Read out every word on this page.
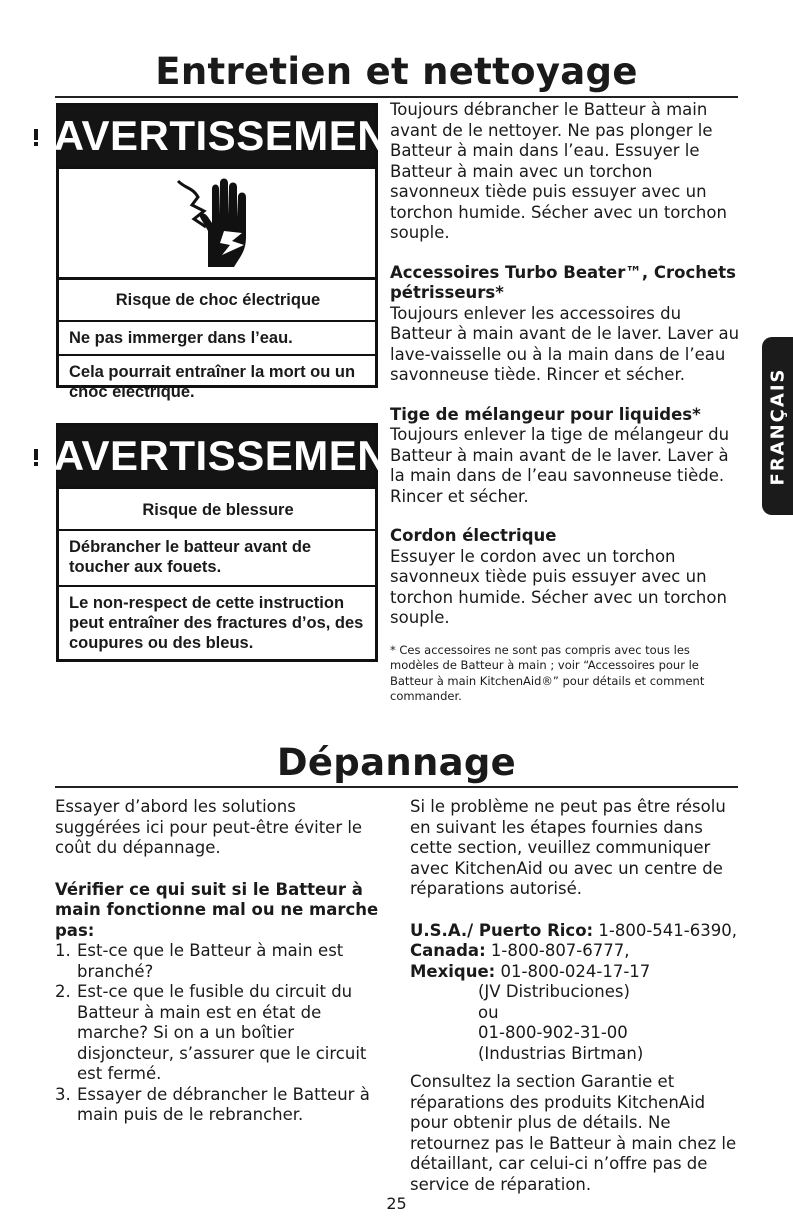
Entretien et nettoyage
AVERTISSEMENT

Risque de choc électrique

Ne pas immerger dans l’eau.

Cela pourrait entraîner la mort ou un choc électrique.

AVERTISSEMENT

Risque de blessure

Débrancher le batteur avant de toucher aux fouets.

Le non-respect de cette instruction peut entraîner des fractures d’os, des coupures ou des bleus.

Toujours débrancher le Batteur à main avant de le nettoyer. Ne pas plonger le Batteur à main dans l’eau. Essuyer le Batteur à main avec un torchon savonneux tiède puis essuyer avec un torchon humide. Sécher avec un torchon souple.

Accessoires Turbo Beater™, Crochets pétrisseurs*

Toujours enlever les accessoires du Batteur à main avant de le laver. Laver au lave-vaisselle ou à la main dans de l’eau savonneuse tiède. Rincer et sécher.

Tige de mélangeur pour liquides*

Toujours enlever la tige de mélangeur du Batteur à main avant de le laver. Laver à la main dans de l’eau savonneuse tiède. Rincer et sécher.

Cordon électrique

Essuyer le cordon avec un torchon savonneux tiède puis essuyer avec un torchon humide. Sécher avec un torchon souple.

* Ces accessoires ne sont pas compris avec tous les modèles de Batteur à main ; voir “Accessoires pour le Batteur à main KitchenAid®” pour détails et comment commander.

FRANÇAIS
Dépannage

Essayer d’abord les solutions suggérées ici pour peut-être éviter le coût du dépannage.

Vérifier ce qui suit si le Batteur à main fonctionne mal ou ne marche pas:

1. Est-ce que le Batteur à main est branché?
2. Est-ce que le fusible du circuit du Batteur à main est en état de marche? Si on a un boîtier disjoncteur, s’assurer que le circuit est fermé.
3. Essayer de débrancher le Batteur à main puis de le rebrancher.

Si le problème ne peut pas être résolu en suivant les étapes fournies dans cette section, veuillez communiquer avec KitchenAid ou avec un centre de réparations autorisé.

U.S.A./ Puerto Rico: 1-800-541-6390,

Canada: 1-800-807-6777,

Mexique: 01-800-024-17-17

(JV Distribuciones)

ou

01-800-902-31-00

(Industrias Birtman)

Consultez la section Garantie et réparations des produits KitchenAid pour obtenir plus de détails. Ne retournez pas le Batteur à main chez le détaillant, car celui-ci n’offre pas de service de réparation.

25
